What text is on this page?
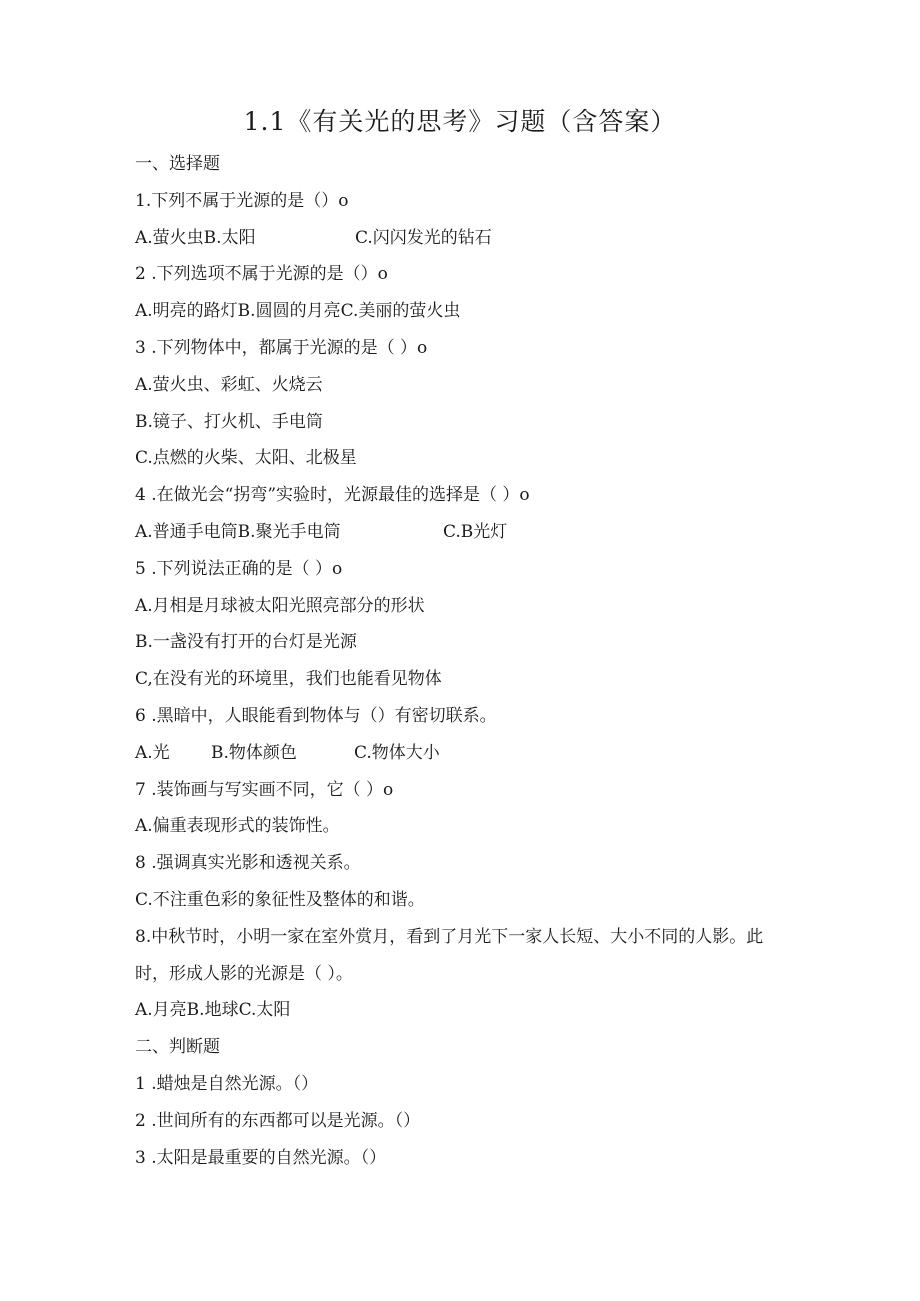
1.1《有关光的思考》习题（含答案）
一、选择题
1.下列不属于光源的是（）o
A.萤火虫B.太阳	C.闪闪发光的钻石
2 .下列选项不属于光源的是（）o
A.明亮的路灯B.圆圆的月亮C.美丽的萤火虫
3 .下列物体中，都属于光源的是（ ）o
A.萤火虫、彩虹、火烧云
B.镜子、打火机、手电筒
C.点燃的火柴、太阳、北极星
4 .在做光会“拐弯”实验时，光源最佳的选择是（ ）o
A.普通手电筒B.聚光手电筒	C.B光灯
5 .下列说法正确的是（ ）o
A.月相是月球被太阳光照亮部分的形状
B.一盏没有打开的台灯是光源
C,在没有光的环境里，我们也能看见物体
6 .黑暗中，人眼能看到物体与（）有密切联系。
A.光 B.物体颜色	C.物体大小
7 .装饰画与写实画不同，它（ ）o
A.偏重表现形式的装饰性。
8 .强调真实光影和透视关系。
C.不注重色彩的象征性及整体的和谐。
8.中秋节时，小明一家在室外赏月，看到了月光下一家人长短、大小不同的人影。此时，形成人影的光源是（ ）。
A.月亮B.地球C.太阳
二、判断题
1 .蜡烛是自然光源。（）
2 .世间所有的东西都可以是光源。（）
3 .太阳是最重要的自然光源。（）
